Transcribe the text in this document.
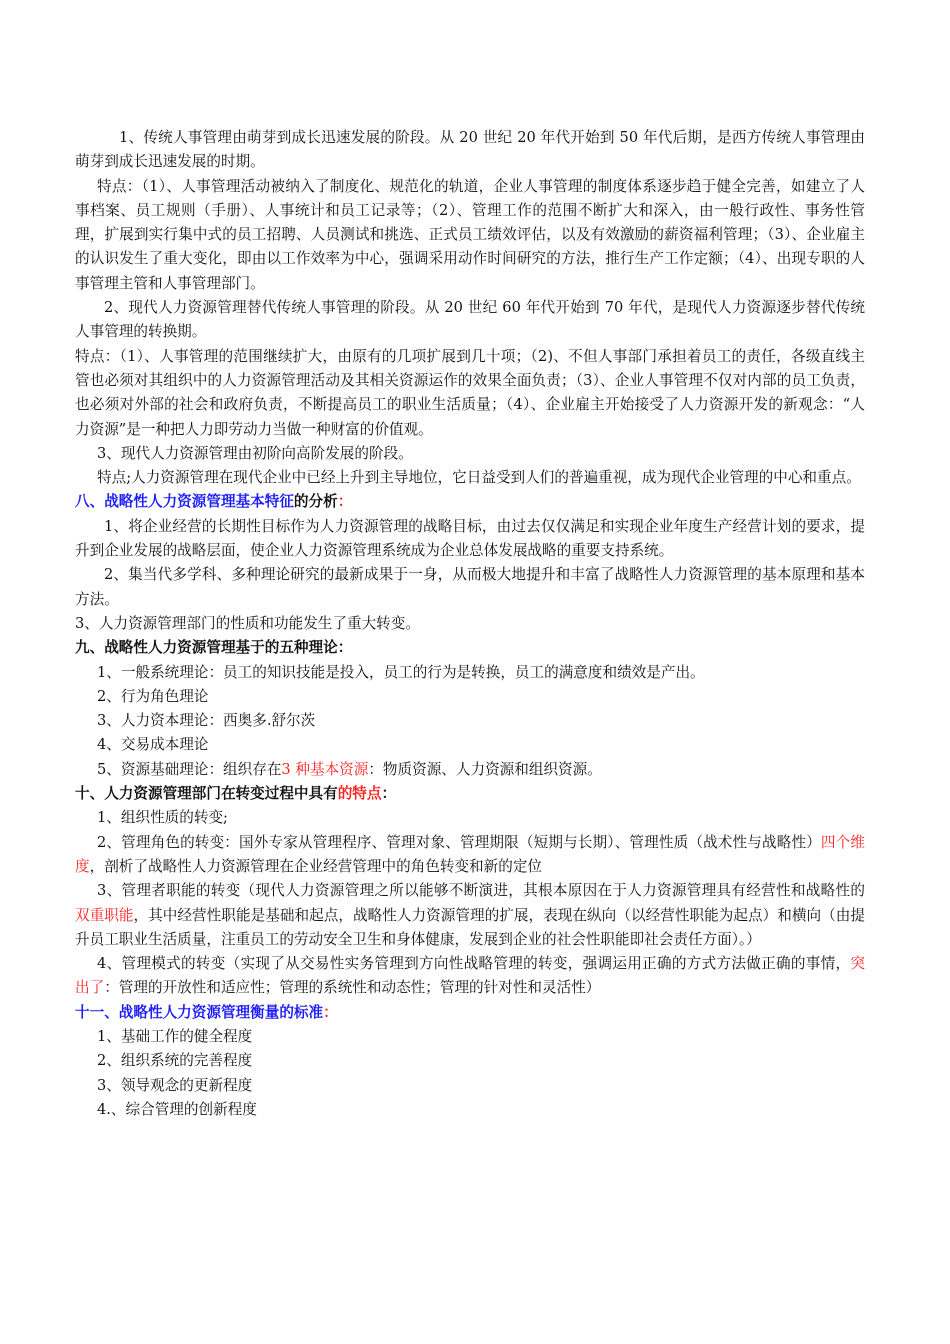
1、传统人事管理由萌芽到成长迅速发展的阶段。从 20 世纪 20 年代开始到 50 年代后期，是西方传统人事管理由萌芽到成长迅速发展的时期。

特点：（1）、人事管理活动被纳入了制度化、规范化的轨道，企业人事管理的制度体系逐步趋于健全完善，如建立了人事档案、员工规则（手册）、人事统计和员工记录等；（2）、管理工作的范围不断扩大和深入，由一般行政性、事务性管理，扩展到实行集中式的员工招聘、人员测试和挑选、正式员工绩效评估，以及有效激励的薪资福利管理；（3）、企业雇主的认识发生了重大变化，即由以工作效率为中心，强调采用动作时间研究的方法，推行生产工作定额；（4）、出现专职的人事管理主管和人事管理部门。

2、现代人力资源管理替代传统人事管理的阶段。从 20 世纪 60 年代开始到 70 年代，是现代人力资源逐步替代传统人事管理的转换期。

特点：（1）、人事管理的范围继续扩大，由原有的几项扩展到几十项；（2)、不但人事部门承担着员工的责任，各级直线主管也必须对其组织中的人力资源管理活动及其相关资源运作的效果全面负责；（3）、企业人事管理不仅对内部的员工负责，也必须对外部的社会和政府负责，不断提高员工的职业生活质量；（4）、企业雇主开始接受了人力资源开发的新观念：“人力资源”是一种把人力即劳动力当做一种财富的价值观。

3、现代人力资源管理由初阶向高阶发展的阶段。

特点;人力资源管理在现代企业中已经上升到主导地位，它日益受到人们的普遍重视，成为现代企业管理的中心和重点。

八、战略性人力资源管理基本特征的分析：

1、将企业经营的长期性目标作为人力资源管理的战略目标，由过去仅仅满足和实现企业年度生产经营计划的要求，提升到企业发展的战略层面，使企业人力资源管理系统成为企业总体发展战略的重要支持系统。

2、集当代多学科、多种理论研究的最新成果于一身，从而极大地提升和丰富了战略性人力资源管理的基本原理和基本方法。

3、人力资源管理部门的性质和功能发生了重大转变。

九、战略性人力资源管理基于的五种理论：

1、一般系统理论：员工的知识技能是投入，员工的行为是转换，员工的满意度和绩效是产出。

2、行为角色理论

3、人力资本理论：西奥多.舒尔茨

4、交易成本理论

5、资源基础理论：组织存在3 种基本资源：物质资源、人力资源和组织资源。

十、人力资源管理部门在转变过程中具有的特点：

1、组织性质的转变;

2、管理角色的转变：国外专家从管理程序、管理对象、管理期限（短期与长期）、管理性质（战术性与战略性）四个维度，剖析了战略性人力资源管理在企业经营管理中的角色转变和新的定位

3、管理者职能的转变（现代人力资源管理之所以能够不断演进，其根本原因在于人力资源管理具有经营性和战略性的双重职能，其中经营性职能是基础和起点，战略性人力资源管理的扩展，表现在纵向（以经营性职能为起点）和横向（由提升员工职业生活质量，注重员工的劳动安全卫生和身体健康，发展到企业的社会性职能即社会责任方面）。）

4、管理模式的转变（实现了从交易性实务管理到方向性战略管理的转变，强调运用正确的方式方法做正确的事情，突出了：管理的开放性和适应性；管理的系统性和动态性；管理的针对性和灵活性）

十一、战略性人力资源管理衡量的标准：

1、基础工作的健全程度

2、组织系统的完善程度

3、领导观念的更新程度

4.、综合管理的创新程度
